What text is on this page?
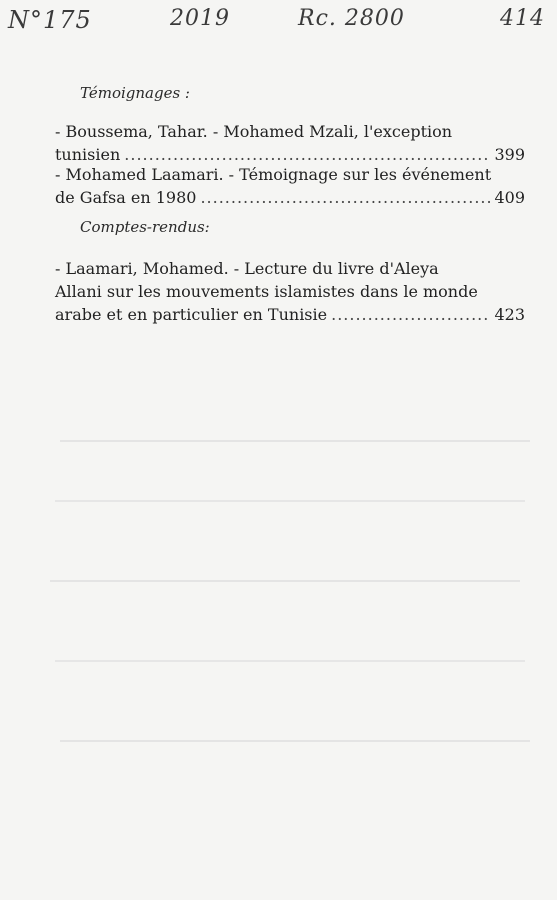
N°175	2019	Rc. 2800	414
Témoignages :
- Boussema, Tahar. - Mohamed Mzali, l'exception
tunisien .....	399
- Mohamed Laamari. - Témoignage sur les événement
de Gafsa en 1980 .....	409
Comptes-rendus:
- Laamari, Mohamed. - Lecture du livre d'Aleya
Allani sur les mouvements islamistes dans le monde
arabe et en particulier en Tunisie .....	423
